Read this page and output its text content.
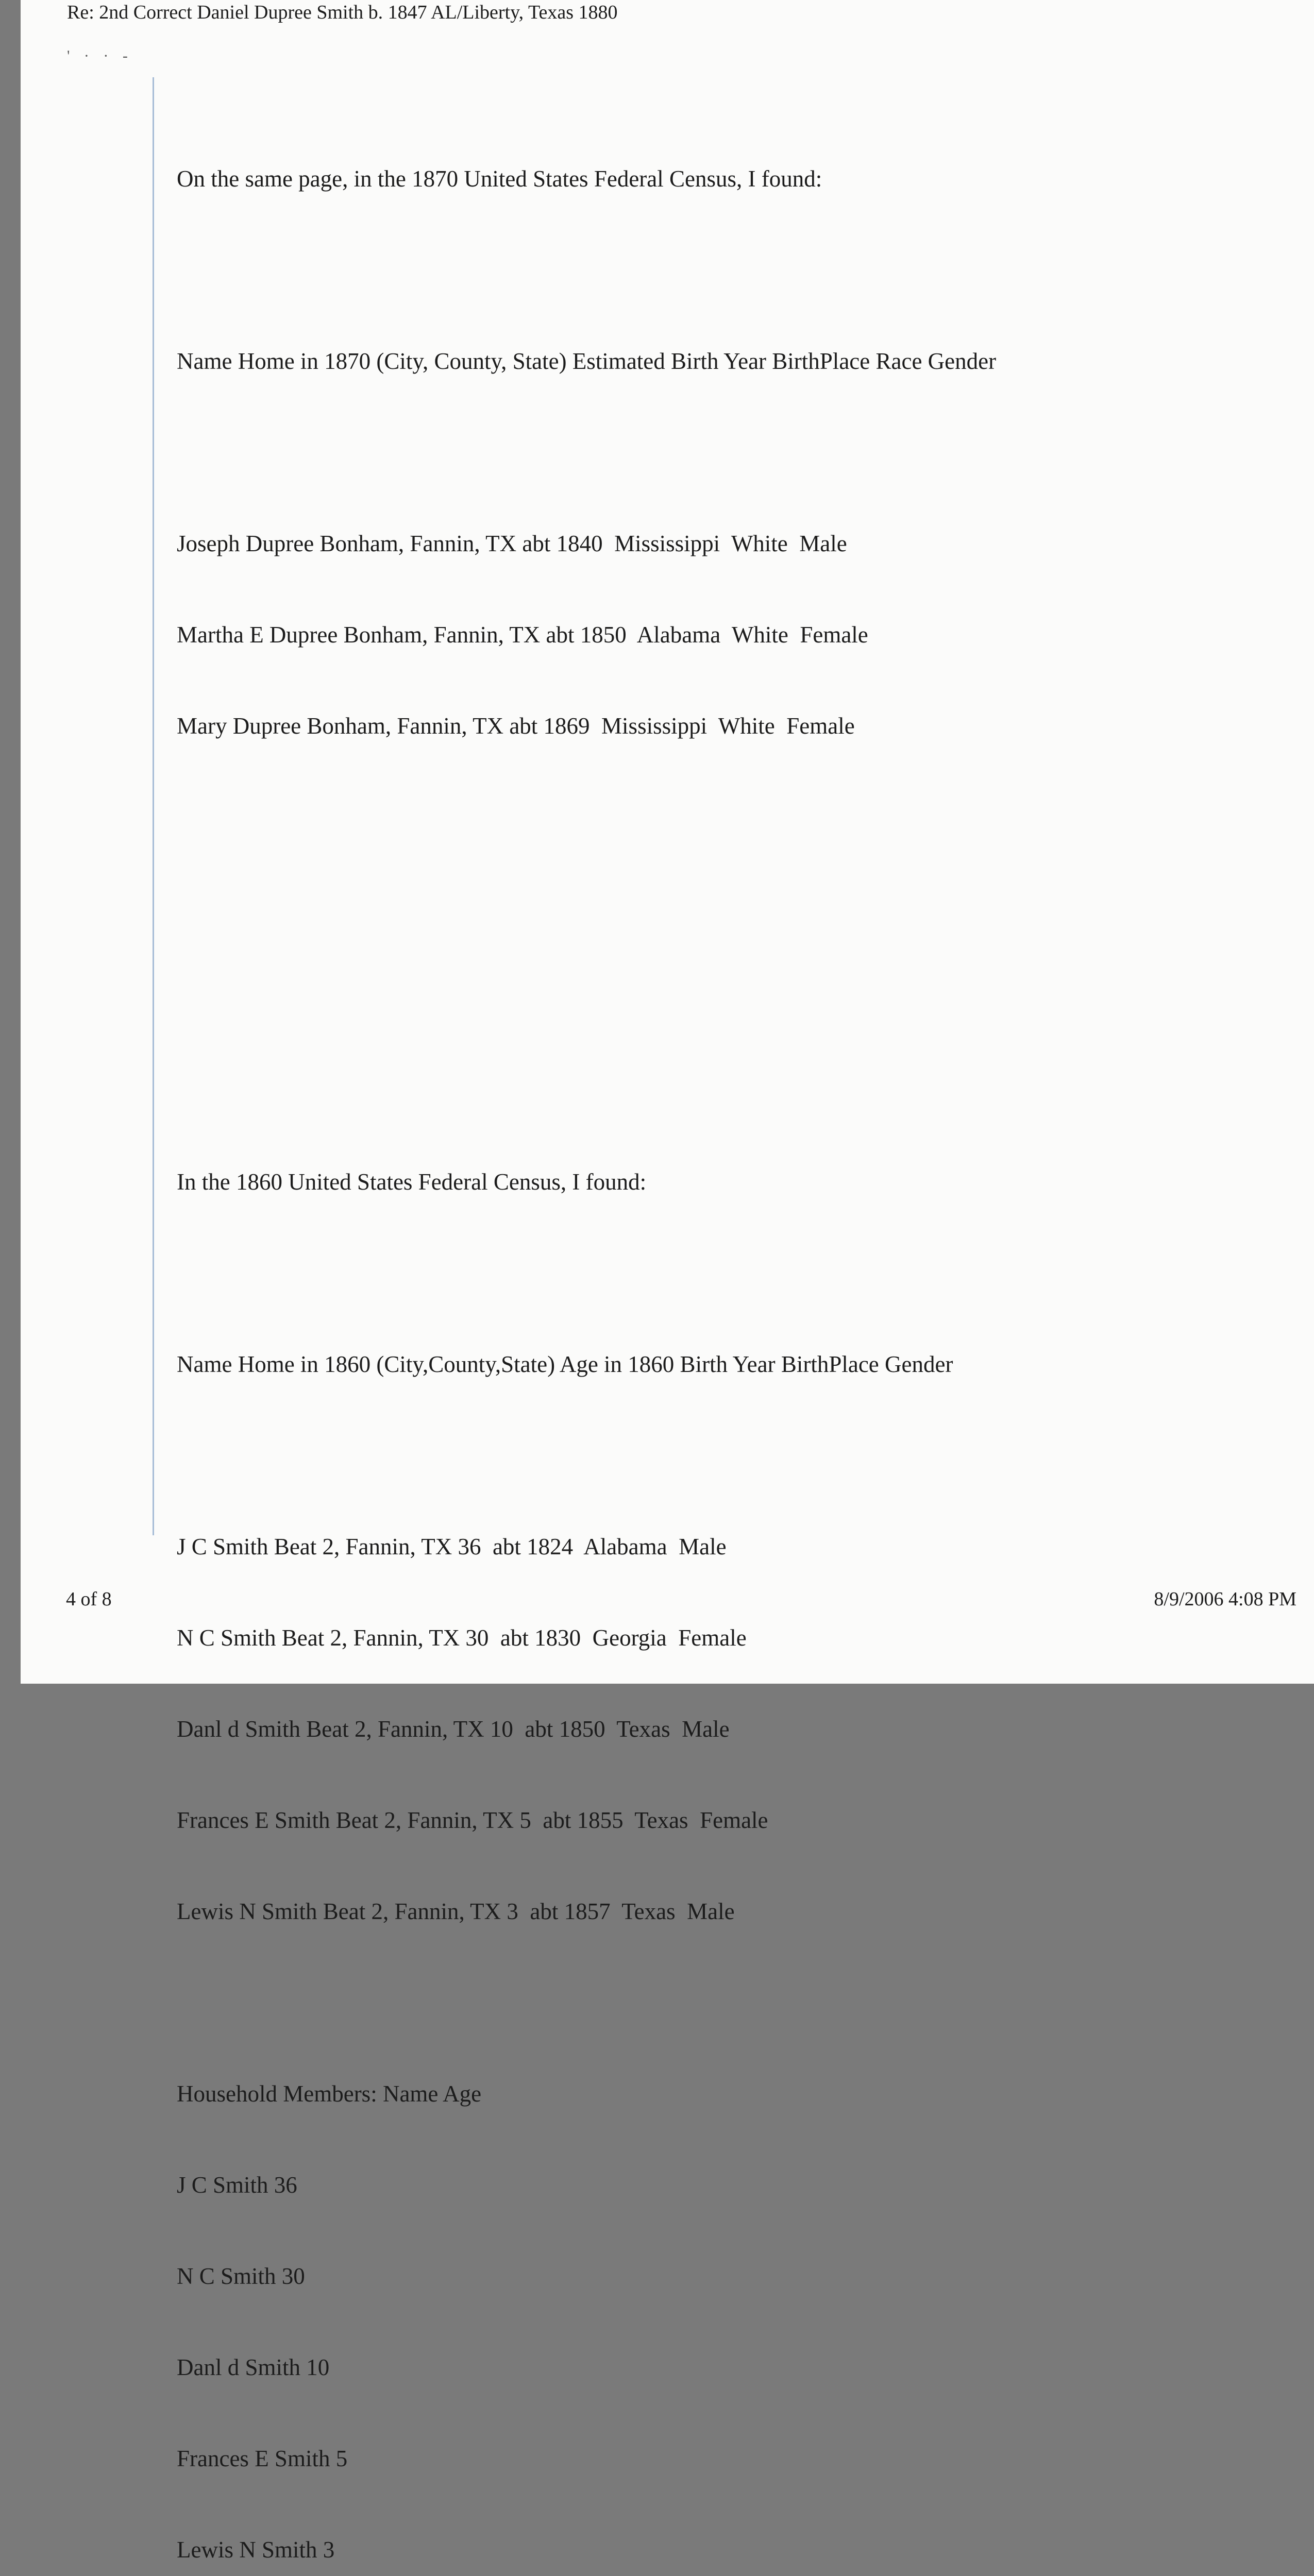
Re: 2nd Correct Daniel Dupree Smith b. 1847 AL/Liberty, Texas 1880
' · · -

On the same page, in the 1870 United States Federal Census, I found:

Name Home in 1870 (City, County, State) Estimated Birth Year BirthPlace Race Gender

Joseph Dupree Bonham, Fannin, TX abt 1840  Mississippi  White  Male

Martha E Dupree Bonham, Fannin, TX abt 1850  Alabama  White  Female

Mary Dupree Bonham, Fannin, TX abt 1869  Mississippi  White  Female

In the 1860 United States Federal Census, I found:

Name Home in 1860 (City,County,State) Age in 1860 Birth Year BirthPlace Gender

J C Smith Beat 2, Fannin, TX 36  abt 1824  Alabama  Male

N C Smith Beat 2, Fannin, TX 30  abt 1830  Georgia  Female

Danl d Smith Beat 2, Fannin, TX 10  abt 1850  Texas  Male

Frances E Smith Beat 2, Fannin, TX 5  abt 1855  Texas  Female

Lewis N Smith Beat 2, Fannin, TX 3  abt 1857  Texas  Male

Household Members: Name Age

J C Smith 36

N C Smith 30

Danl d Smith 10

Frances E Smith 5

Lewis N Smith 3

4 of 8	8/9/2006 4:08 PM
